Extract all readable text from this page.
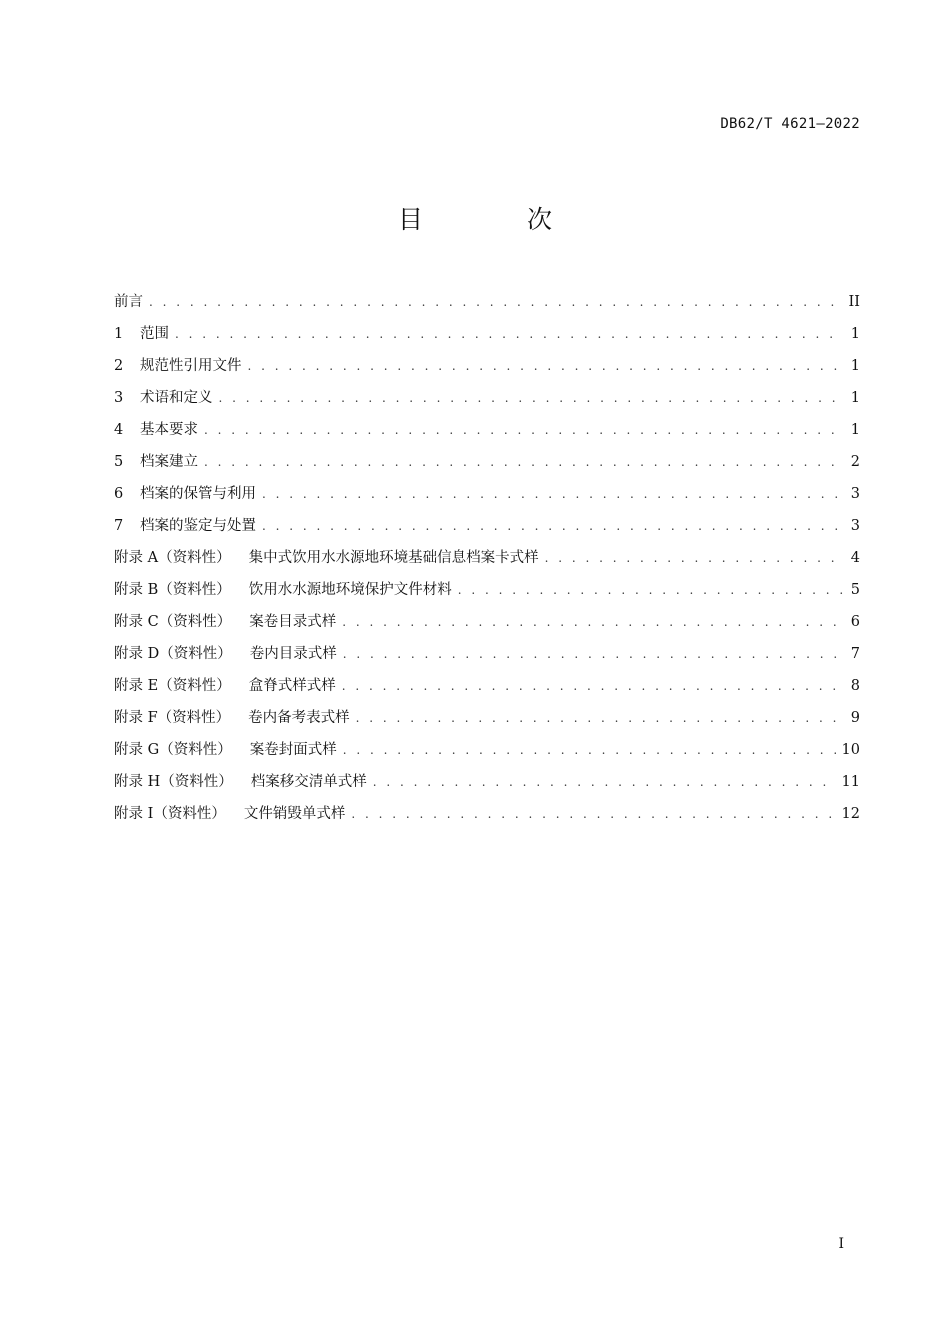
DB62/T 4621—2022
目 次
前言 . . .	II
1	范围 . . .	1
2	规范性引用文件 . . .	1
3	术语和定义 . . .	1
4	基本要求 . . .	1
5	档案建立 . . .	2
6	档案的保管与利用 . . .	3
7	档案的鉴定与处置 . . .	3
附录 A（资料性） 集中式饮用水水源地环境基础信息档案卡式样 . . .	4
附录 B（资料性） 饮用水水源地环境保护文件材料 . . .	5
附录 C（资料性） 案卷目录式样 . . .	6
附录 D（资料性） 卷内目录式样 . . .	7
附录 E（资料性） 盒脊式样式样 . . .	8
附录 F（资料性） 卷内备考表式样 . . .	9
附录 G（资料性） 案卷封面式样 . . .	10
附录 H（资料性） 档案移交清单式样 . . .	11
附录 I（资料性） 文件销毁单式样 . . .	12
I
